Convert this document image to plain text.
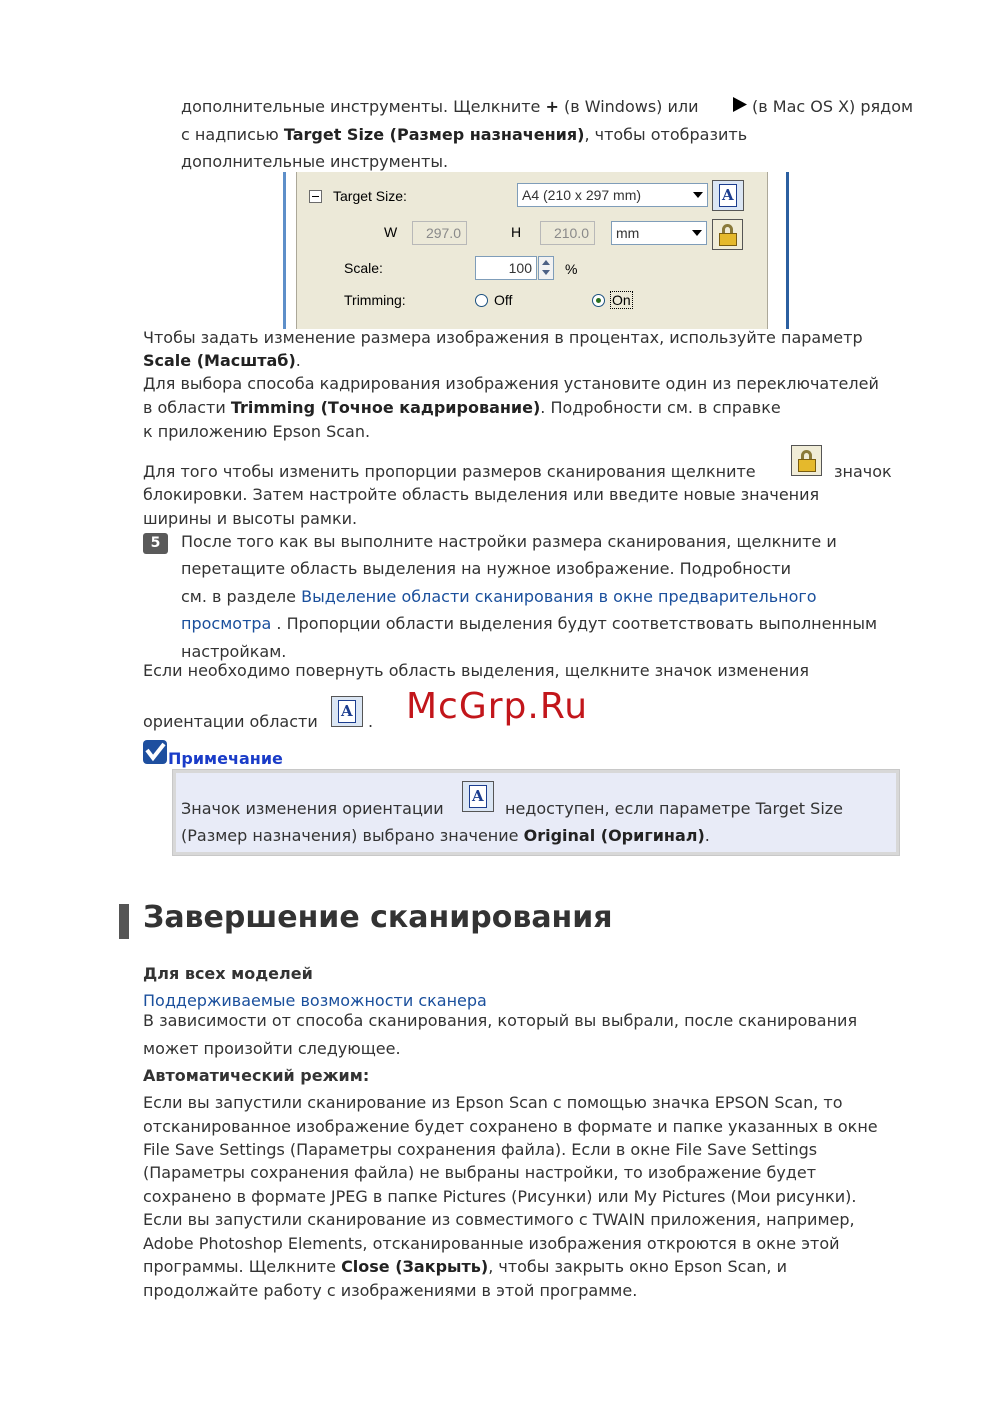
дополнительные инструменты. Щелкните + (в Windows) или	(в Mac OS X) рядом
с надписью Target Size (Размер назначения), чтобы отобразить
дополнительные инструменты.
Target Size:	A4 (210 x 297 mm)	A
W	297.0	H	210.0	mm
Scale:	100	%
Trimming:	Off	On
Чтобы задать изменение размера изображения в процентах, используйте параметр
Scale (Масштаб).
Для выбора способа кадрирования изображения установите один из переключателей
в области Trimming (Точное кадрирование). Подробности см. в справке
к приложению Epson Scan.
Для того чтобы изменить пропорции размеров сканирования щелкните	значок
блокировки. Затем настройте область выделения или введите новые значения
ширины и высоты рамки.
5	После того как вы выполните настройки размера сканирования, щелкните и
перетащите область выделения на нужное изображение. Подробности
см. в разделе Выделение области сканирования в окне предварительного
просмотра . Пропорции области выделения будут соответствовать выполненным
настройкам.
Если необходимо повернуть область выделения, щелкните значок изменения
ориентации области
A
. McGrp.Ru
Примечание
Значок изменения ориентации
A
недоступен, если параметре Target Size
(Размер назначения) выбрано значение Original (Оригинал).
Завершение сканирования
Для всех моделей
Поддерживаемые возможности сканера
В зависимости от способа сканирования, который вы выбрали, после сканирования
может произойти следующее.
Автоматический режим:
Если вы запустили сканирование из Epson Scan с помощью значка EPSON Scan, то
отсканированное изображение будет сохранено в формате и папке указанных в окне
File Save Settings (Параметры сохранения файла). Если в окне File Save Settings
(Параметры сохранения файла) не выбраны настройки, то изображение будет
сохранено в формате JPEG в папке Pictures (Рисунки) или My Pictures (Мои рисунки).
Если вы запустили сканирование из совместимого с TWAIN приложения, например,
Adobe Photoshop Elements, отсканированные изображения откроются в окне этой
программы. Щелкните Close (Закрыть), чтобы закрыть окно Epson Scan, и
продолжайте работу с изображениями в этой программе.
